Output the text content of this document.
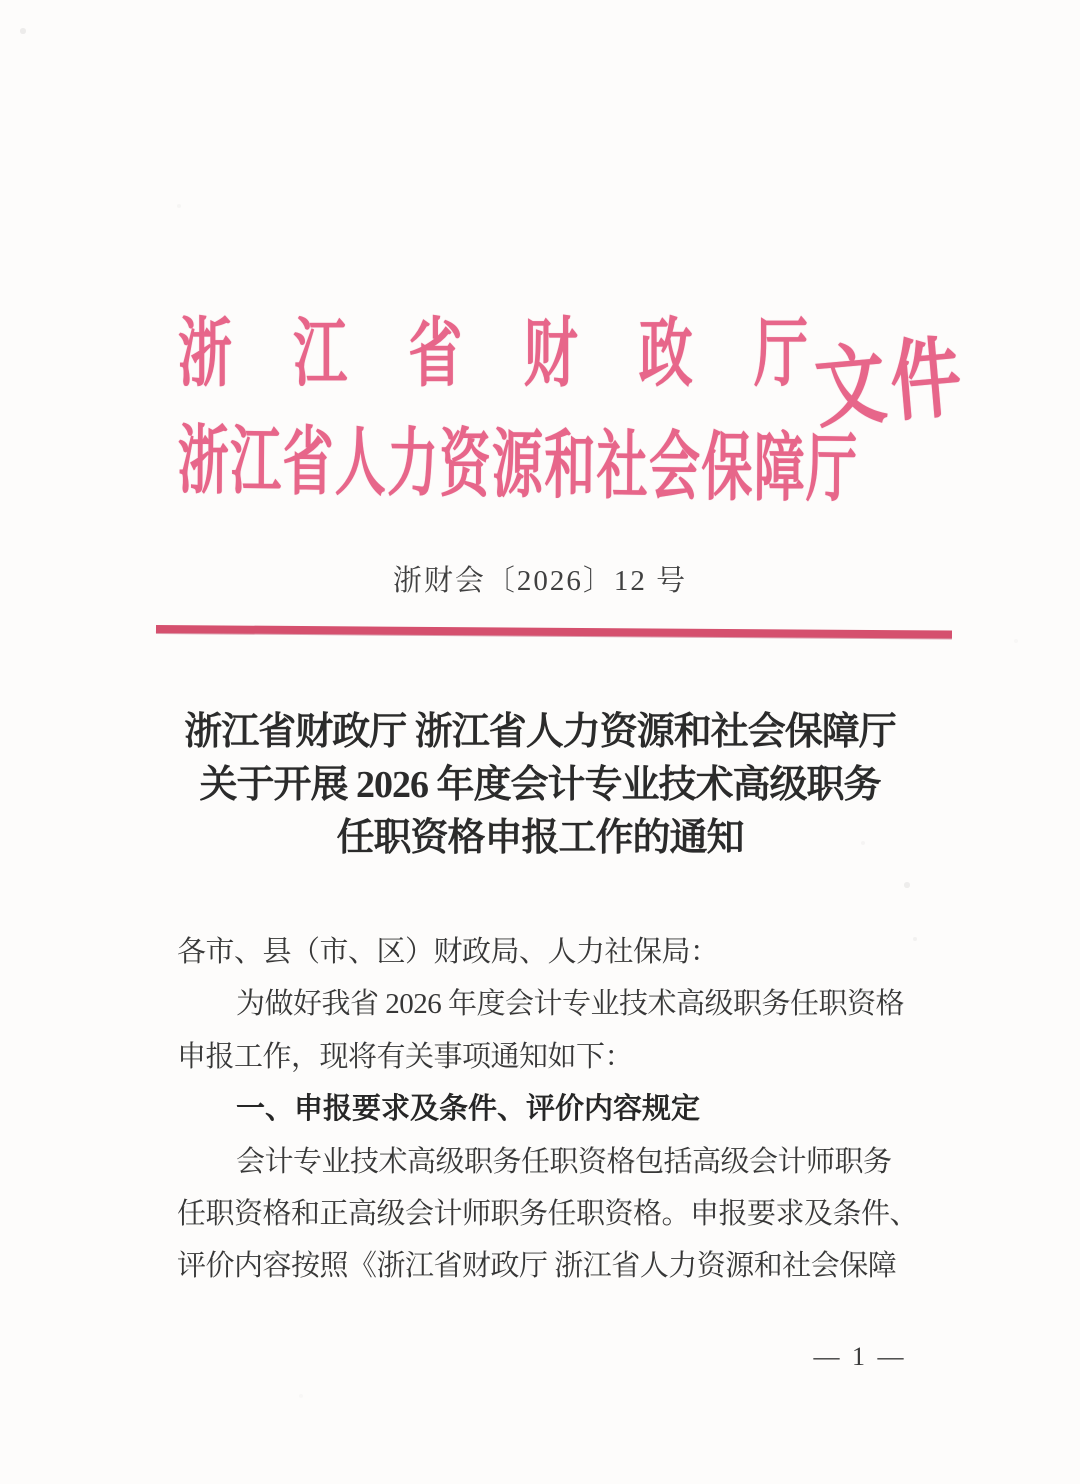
浙江省财政厅
浙江省人力资源和社会保障厅
文件
浙财会〔2026〕12 号
浙江省财政厅 浙江省人力资源和社会保障厅
关于开展 2026 年度会计专业技术高级职务
任职资格申报工作的通知
各市、县（市、区）财政局、人力社保局：
为做好我省 2026 年度会计专业技术高级职务任职资格
申报工作，现将有关事项通知如下：
一、申报要求及条件、评价内容规定
会计专业技术高级职务任职资格包括高级会计师职务
任职资格和正高级会计师职务任职资格。申报要求及条件、
评价内容按照《浙江省财政厅 浙江省人力资源和社会保障
— 1 —
